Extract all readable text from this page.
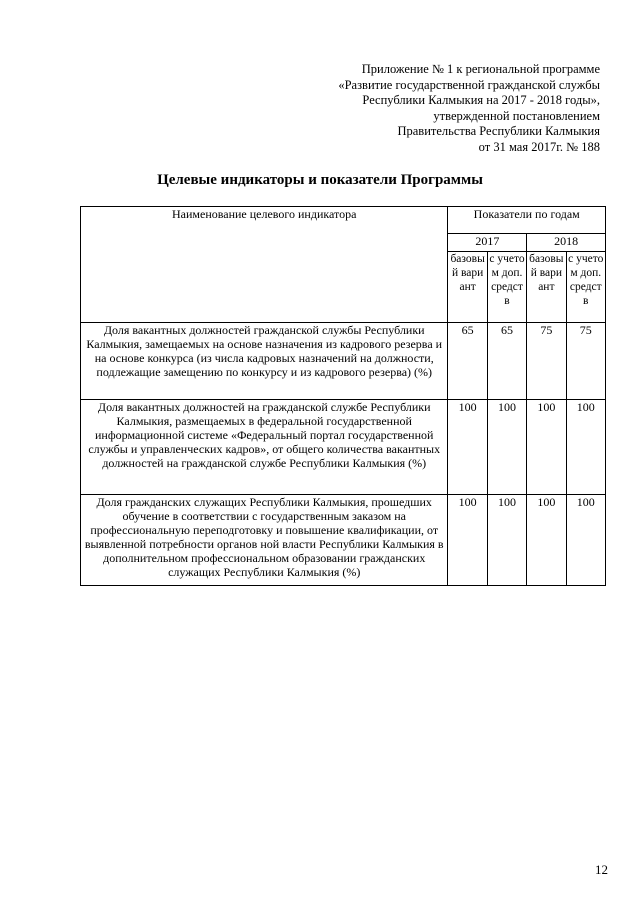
Приложение № 1 к региональной программе
«Развитие государственной гражданской службы
Республики Калмыкия на 2017 - 2018 годы»,
утвержденной постановлением
Правительства Республики Калмыкия
от 31 мая 2017г. № 188
Целевые индикаторы и показатели Программы
Наименование целевого индикатора	Показатели по годам			
	2017		2018	
	базовый вариант	с учетом доп. средств	базовый вариант	с учетом доп. средств
Доля вакантных должностей гражданской службы Республики Калмыкия, замещаемых на основе назначения из кадрового резерва и на основе конкурса (из числа кадровых назначений на должности, подлежащие замещению по конкурсу и из кадрового резерва) (%)	65	65	75	75
Доля вакантных должностей на гражданской службе Республики Калмыкия, размещаемых в федеральной государственной информационной системе «Федеральный портал государственной службы и управленческих кадров», от общего количества вакантных должностей на гражданской службе Республики Калмыкия (%)	100	100	100	100
Доля гражданских служащих Республики Калмыкия, прошедших обучение в соответствии с государственным заказом на профессиональную переподготовку и повышение квалификации, от выявленной потребности органов ной власти Республики Калмыкия в дополнительном профессиональном образовании гражданских служащих Республики Калмыкия (%)	100	100	100	100
12
